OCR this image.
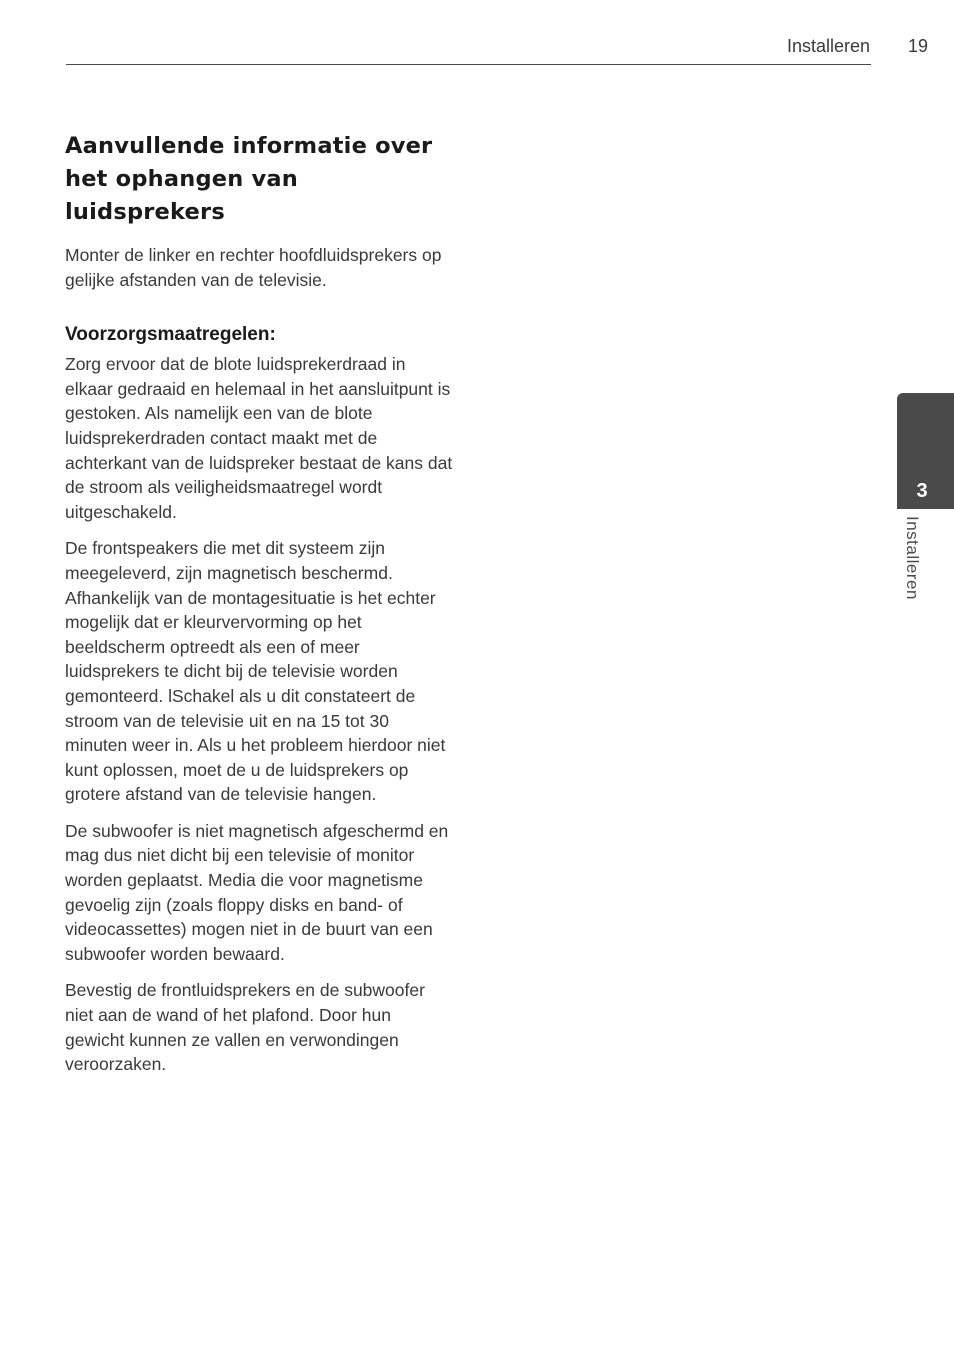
Installeren 19
3
Installeren
Aanvullende informatie over het ophangen van luidsprekers

Monter de linker en rechter hoofdluidsprekers op gelijke afstanden van de televisie.

Voorzorgsmaatregelen:

Zorg ervoor dat de blote luidsprekerdraad in elkaar gedraaid en helemaal in het aansluitpunt is gestoken. Als namelijk een van de blote luidsprekerdraden contact maakt met de achterkant van de luidspreker bestaat de kans dat de stroom als veiligheidsmaatregel wordt uitgeschakeld.

De frontspeakers die met dit systeem zijn meegeleverd, zijn magnetisch beschermd. Afhankelijk van de montagesituatie is het echter mogelijk dat er kleurvervorming op het beeldscherm optreedt als een of meer luidsprekers te dicht bij de televisie worden gemonteerd. lSchakel als u dit constateert de stroom van de televisie uit en na 15 tot 30 minuten weer in. Als u het probleem hierdoor niet kunt oplossen, moet de u de luidsprekers op grotere afstand van de televisie hangen.

De subwoofer is niet magnetisch afgeschermd en mag dus niet dicht bij een televisie of monitor worden geplaatst. Media die voor magnetisme gevoelig zijn (zoals floppy disks en band- of videocassettes) mogen niet in de buurt van een subwoofer worden bewaard.

Bevestig de frontluidsprekers en de subwoofer niet aan de wand of het plafond. Door hun gewicht kunnen ze vallen en verwondingen veroorzaken.
